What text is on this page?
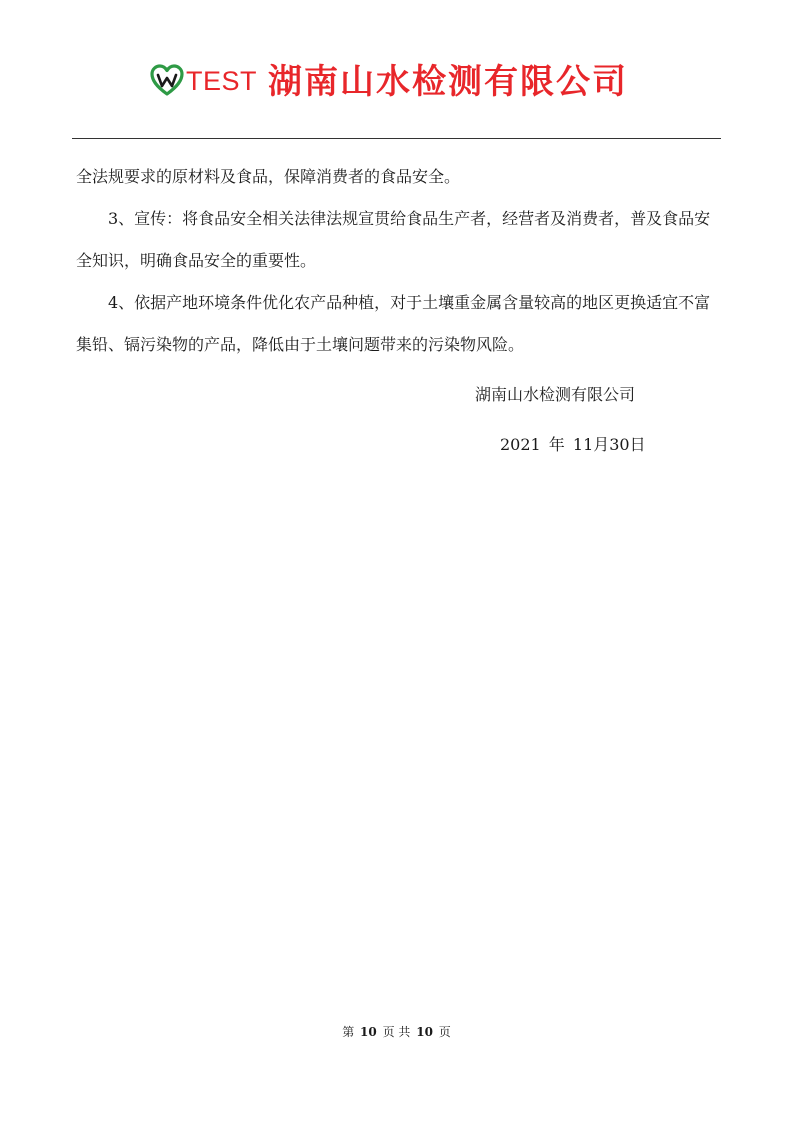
TEST 湖南山水检测有限公司

全法规要求的原材料及食品，保障消费者的食品安全。

3、宣传：将食品安全相关法律法规宣贯给食品生产者，经营者及消费者，普及食品安全知识，明确食品安全的重要性。

4、依据产地环境条件优化农产品种植，对于土壤重金属含量较高的地区更换适宜不富集铅、镉污染物的产品，降低由于土壤问题带来的污染物风险。

湖南山水检测有限公司
2021 年 11月30日
第 10 页 共 10 页
